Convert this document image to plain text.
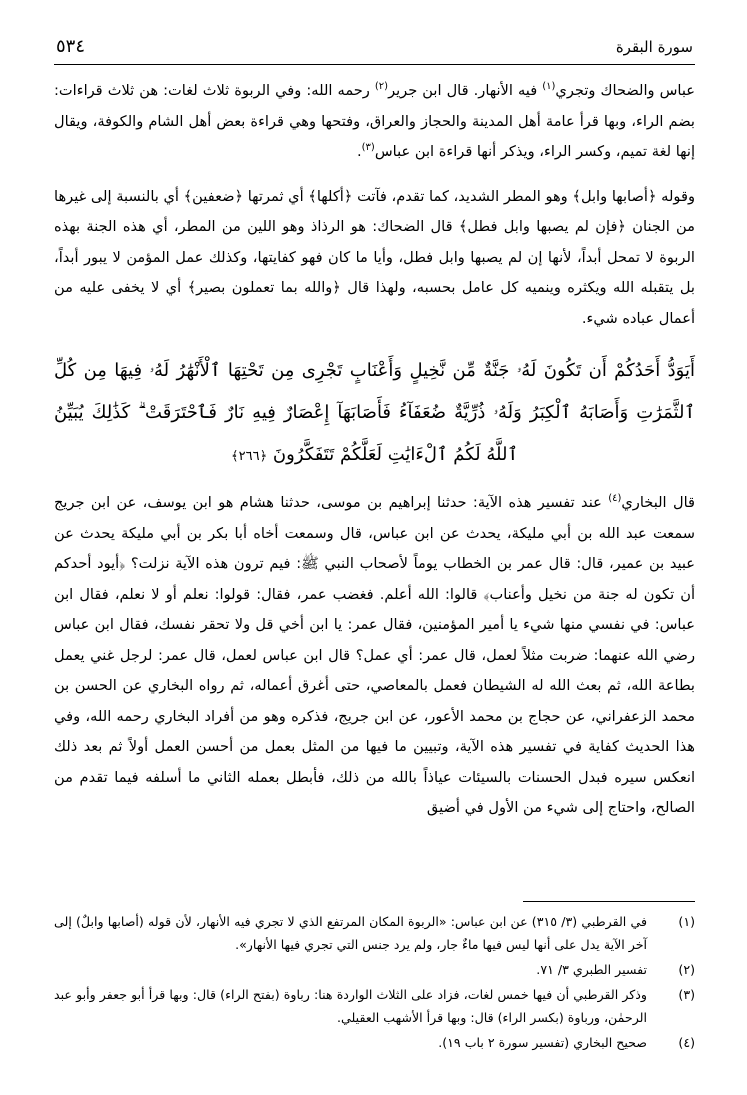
٥٣٤	سورة البقرة

عباس والضحاك وتجري$^{(١)}$ فيه الأنهار. قال ابن جرير$^{(٢)}$ رحمه الله: وفي الربوة ثلاث لغات: هن ثلاث قراءات: بضم الراء، وبها قرأ عامة أهل المدينة والحجاز والعراق، وفتحها وهي قراءة بعض أهل الشام والكوفة، ويقال إنها لغة تميم، وكسر الراء، ويذكر أنها قراءة ابن عباس$^{(٣)}$.

وقوله ﴿أصابها وابل﴾ وهو المطر الشديد، كما تقدم، فآتت ﴿أكلها﴾ أي ثمرتها ﴿ضعفين﴾ أي بالنسبة إلى غيرها من الجنان ﴿فإن لم يصبها وابل فطل﴾ قال الضحاك: هو الرذاذ وهو اللين من المطر، أي هذه الجنة بهذه الربوة لا تمحل أبداً، لأنها إن لم يصبها وابل فطل، وأيا ما كان فهو كفايتها، وكذلك عمل المؤمن لا يبور أبداً، بل يتقبله الله ويكثره وينميه كل عامل بحسبه، ولهذا قال ﴿والله بما تعملون بصير﴾ أي لا يخفى عليه من أعمال عباده شيء.

أَيَوَدُّ أَحَدُكُمْ أَن تَكُونَ لَهُۥ جَنَّةٌ مِّن نَّخِيلٍ وَأَعْنَابٍ تَجْرِى مِن تَحْتِهَا ٱلْأَنْهَٰرُ لَهُۥ فِيهَا مِن كُلِّ ٱلثَّمَرَٰتِ وَأَصَابَهُ ٱلْكِبَرُ وَلَهُۥ ذُرِّيَّةٌ ضُعَفَآءُ فَأَصَابَهَآ إِعْصَارٌ فِيهِ نَارٌ فَٱحْتَرَقَتْ ۗ كَذَٰلِكَ يُبَيِّنُ ٱللَّهُ لَكُمُ ٱلْءَايَٰتِ لَعَلَّكُمْ تَتَفَكَّرُونَ ﴿٢٦٦﴾

قال البخاري$^{(٤)}$ عند تفسير هذه الآية: حدثنا إبراهيم بن موسى، حدثنا هشام هو ابن يوسف، عن ابن جريج سمعت عبد الله بن أبي مليكة، يحدث عن ابن عباس، قال وسمعت أخاه أبا بكر بن أبي مليكة يحدث عن عبيد بن عمير، قال: قال عمر بن الخطاب يوماً لأصحاب النبي ﷺ: فيم ترون هذه الآية نزلت؟ ﴿أيود أحدكم أن تكون له جنة من نخيل وأعناب﴾ قالوا: الله أعلم. فغضب عمر، فقال: قولوا: نعلم أو لا نعلم، فقال ابن عباس: في نفسي منها شيء يا أمير المؤمنين، فقال عمر: يا ابن أخي قل ولا تحقر نفسك، فقال ابن عباس رضي الله عنهما: ضربت مثلاً لعمل، قال عمر: أي عمل؟ قال ابن عباس لعمل، قال عمر: لرجل غني يعمل بطاعة الله، ثم بعث الله له الشيطان فعمل بالمعاصي، حتى أغرق أعماله، ثم رواه البخاري عن الحسن بن محمد الزعفراني، عن حجاج بن محمد الأعور، عن ابن جريج، فذكره وهو من أفراد البخاري رحمه الله، وفي هذا الحديث كفاية في تفسير هذه الآية، وتبيين ما فيها من المثل بعمل من أحسن العمل أولاً ثم بعد ذلك انعكس سيره فبدل الحسنات بالسيئات عياذاً بالله من ذلك، فأبطل بعمله الثاني ما أسلفه فيما تقدم من الصالح، واحتاج إلى شيء من الأول في أضيق

(١)
في القرطبي (٣/ ٣١٥) عن ابن عباس: «الربوة المكان المرتفع الذي لا تجري فيه الأنهار، لأن قوله (أصابها وابلٌ) إلى آخر الآية يدل على أنها ليس فيها ماءٌ جار، ولم يرد جنس التي تجري فيها الأنهار».
(٢)
تفسير الطبري ٣/ ٧١.
(٣)
وذكر القرطبي أن فيها خمس لغات، فزاد على الثلاث الواردة هنا: رباوة (بفتح الراء) قال: وبها قرأ أبو جعفر وأبو عبد الرحمٰن، ورباوة (بكسر الراء) قال: وبها قرأ الأشهب العقيلي.
(٤)
صحيح البخاري (تفسير سورة ٢ باب ١٩).
